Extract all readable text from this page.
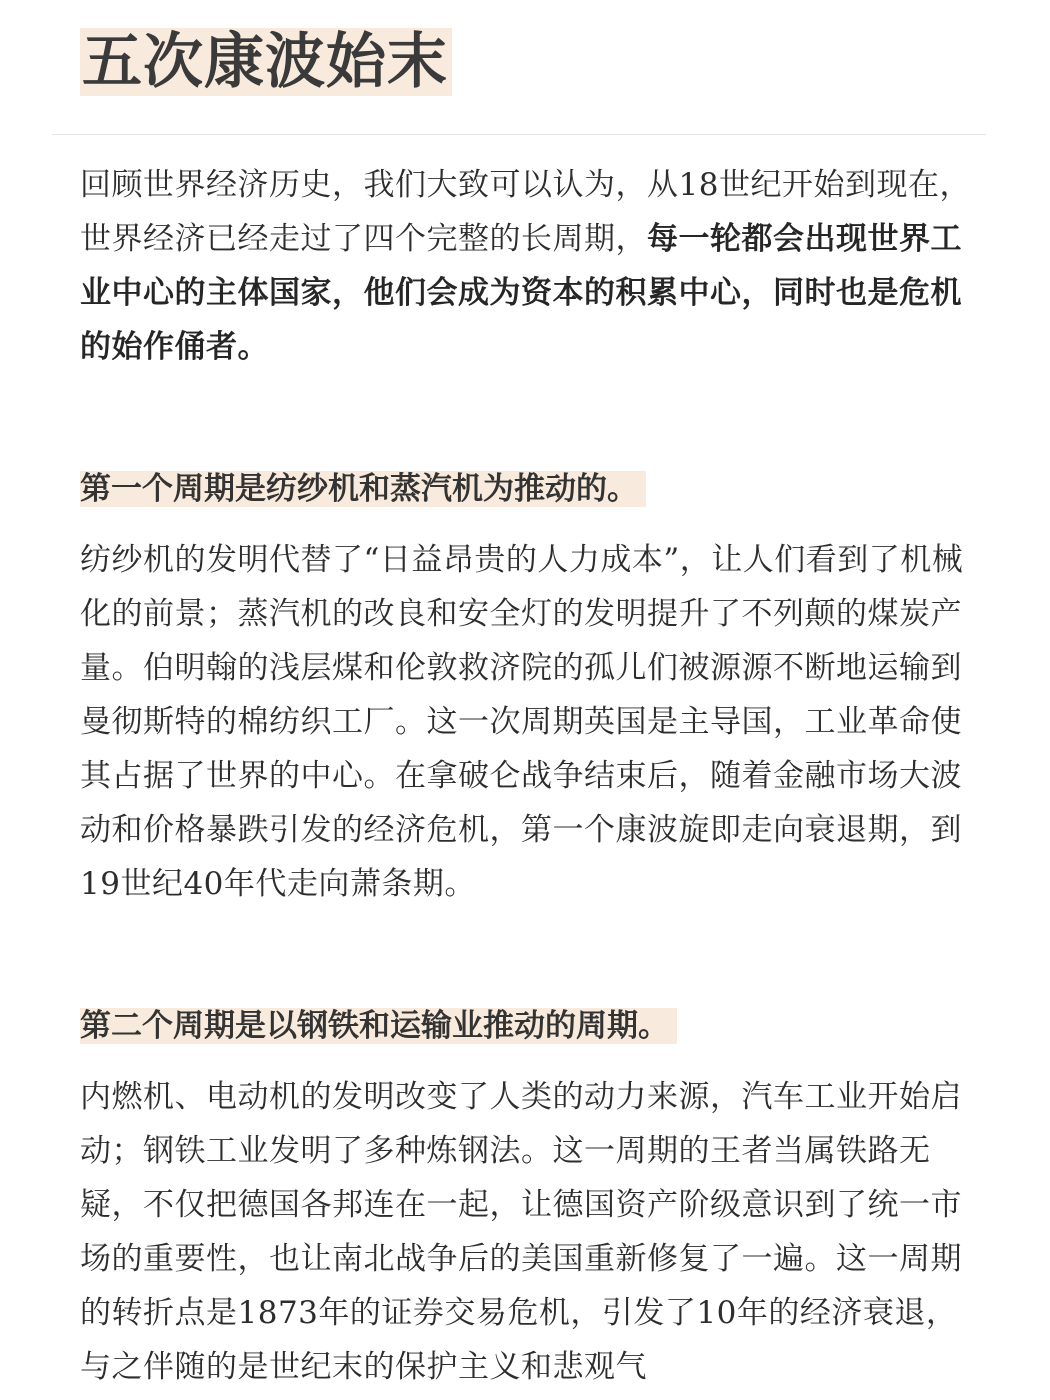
五次康波始末

回顾世界经济历史，我们大致可以认为，从18世纪开始到现在，世界经济已经走过了四个完整的长周期，每一轮都会出现世界工业中心的主体国家，他们会成为资本的积累中心，同时也是危机的始作俑者。

第一个周期是纺纱机和蒸汽机为推动的。

纺纱机的发明代替了“日益昂贵的人力成本”，让人们看到了机械化的前景；蒸汽机的改良和安全灯的发明提升了不列颠的煤炭产量。伯明翰的浅层煤和伦敦救济院的孤儿们被源源不断地运输到曼彻斯特的棉纺织工厂。这一次周期英国是主导国，工业革命使其占据了世界的中心。在拿破仑战争结束后，随着金融市场大波动和价格暴跌引发的经济危机，第一个康波旋即走向衰退期，到19世纪40年代走向萧条期。

第二个周期是以钢铁和运输业推动的周期。

内燃机、电动机的发明改变了人类的动力来源，汽车工业开始启动；钢铁工业发明了多种炼钢法。这一周期的王者当属铁路无疑，不仅把德国各邦连在一起，让德国资产阶级意识到了统一市场的重要性，也让南北战争后的美国重新修复了一遍。这一周期的转折点是1873年的证券交易危机，引发了10年的经济衰退，与之伴随的是世纪末的保护主义和悲观气
